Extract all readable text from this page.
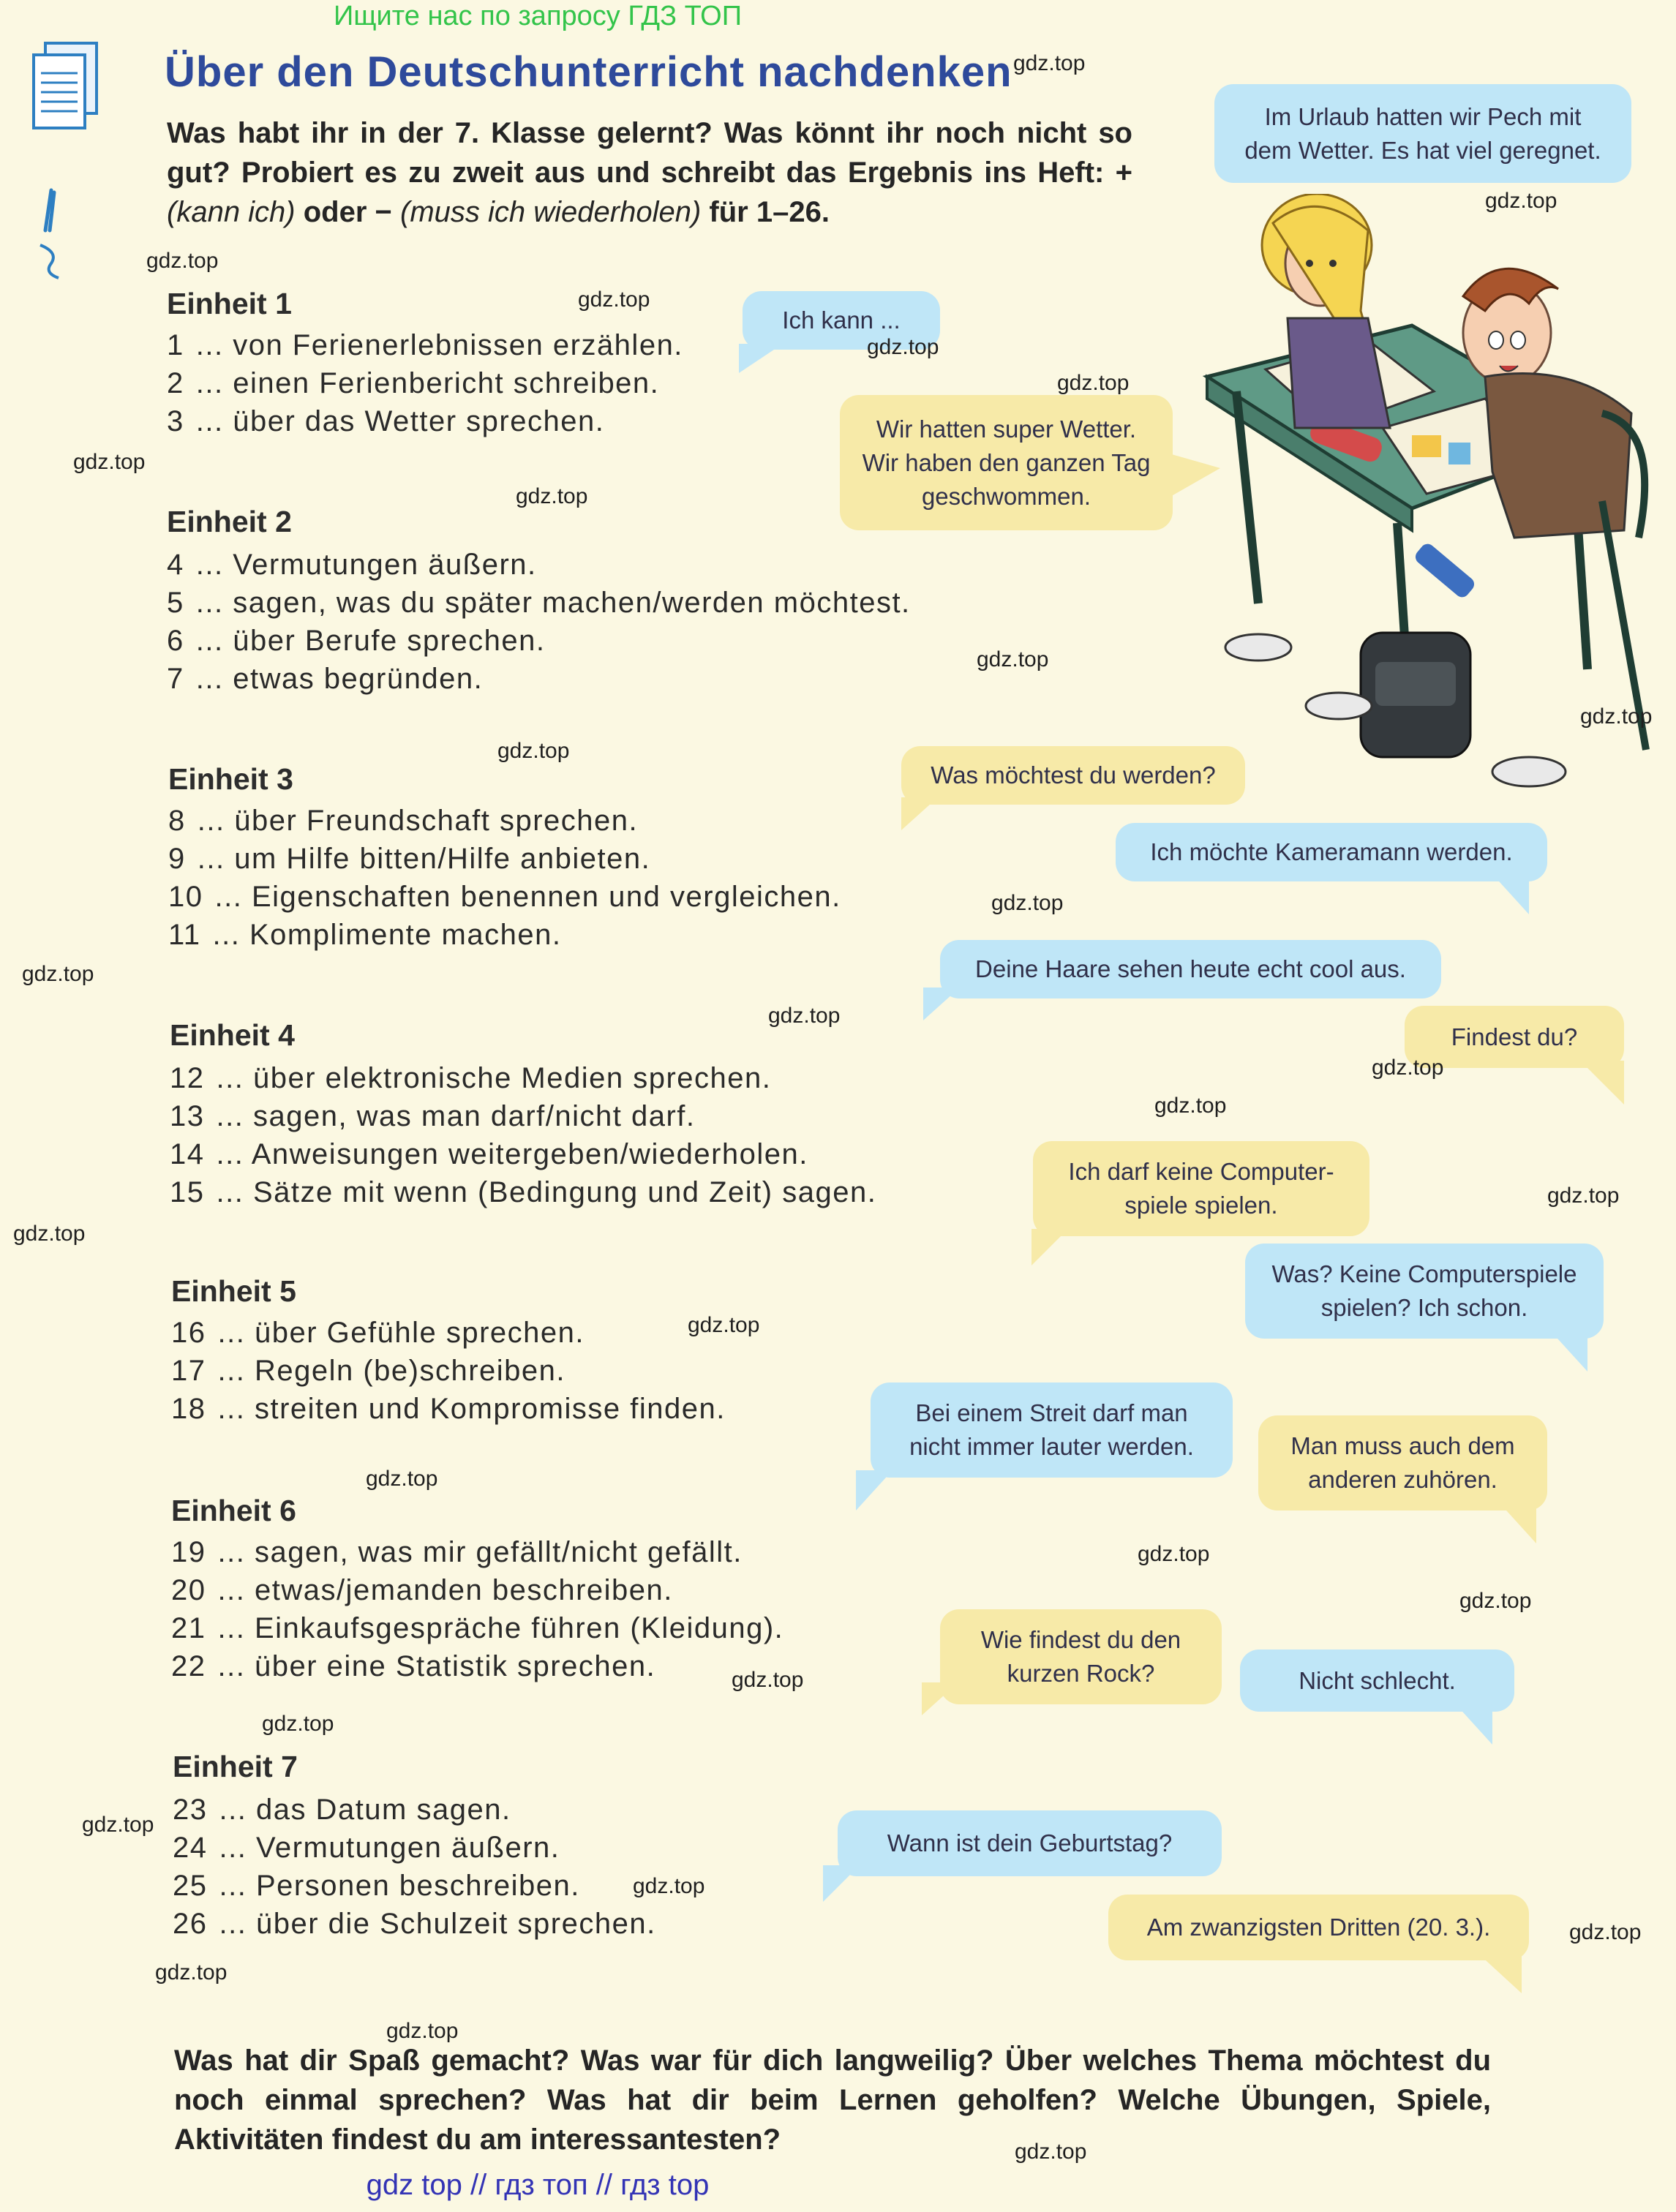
Ищите нас по запросу ГДЗ ТОП
Über den Deutschunterricht nachdenken
Was habt ihr in der 7. Klasse gelernt? Was könnt ihr noch nicht so gut? Probiert es zu zweit aus und schreibt das Ergebnis ins Heft: + (kann ich) oder − (muss ich wiederholen) für 1–26.
Einheit 1
1 ... von Ferienerlebnissen erzählen.
2 ... einen Ferienbericht schreiben.
3 ... über das Wetter sprechen.
Einheit 2
4 ... Vermutungen äußern.
5 ... sagen, was du später machen/werden möchtest.
6 ... über Berufe sprechen.
7 ... etwas begründen.
Einheit 3
8 ... über Freundschaft sprechen.
9 ... um Hilfe bitten/Hilfe anbieten.
10 ... Eigenschaften benennen und vergleichen.
11 ... Komplimente machen.
Einheit 4
12 ... über elektronische Medien sprechen.
13 ... sagen, was man darf/nicht darf.
14 ... Anweisungen weitergeben/wiederholen.
15 ... Sätze mit wenn (Bedingung und Zeit) sagen.
Einheit 5
16 ... über Gefühle sprechen.
17 ... Regeln (be)schreiben.
18 ... streiten und Kompromisse finden.
Einheit 6
19 ... sagen, was mir gefällt/nicht gefällt.
20 ... etwas/jemanden beschreiben.
21 ... Einkaufsgespräche führen (Kleidung).
22 ... über eine Statistik sprechen.
Einheit 7
23 ... das Datum sagen.
24 ... Vermutungen äußern.
25 ... Personen beschreiben.
26 ... über die Schulzeit sprechen.
Im Urlaub hatten wir Pech mit
dem Wetter. Es hat viel geregnet.
Ich kann ...
Wir hatten super Wetter.
Wir haben den ganzen Tag
geschwommen.
Was möchtest du werden?
Ich möchte Kameramann werden.
Deine Haare sehen heute echt cool aus.
Findest du?
Ich darf keine Computer-
spiele spielen.
Was? Keine Computerspiele
spielen? Ich schon.
Bei einem Streit darf man
nicht immer lauter werden.	Man muss auch dem
anderen zuhören.
Wie findest du den
kurzen Rock?	Nicht schlecht.
Wann ist dein Geburtstag?
Am zwanzigsten Dritten (20. 3.).
Was hat dir Spaß gemacht? Was war für dich langweilig? Über welches Thema möchtest du noch einmal sprechen? Was hat dir beim Lernen geholfen? Welche Übungen, Spiele, Aktivitäten findest du am interessantesten?
gdz.top
gdz.top
gdz.top
gdz.top
gdz.top
gdz.top
gdz.top
gdz.top
gdz.top
gdz.top
gdz.top
gdz.top
gdz.top
gdz.top
gdz.top
gdz.top
gdz.top
gdz.top
gdz.top
gdz.top
gdz.top
gdz.top
gdz.top
gdz.top
gdz.top
gdz.top
gdz.top
gdz.top
gdz.top
gdz.top
gdz top // гдз топ // гдз top
